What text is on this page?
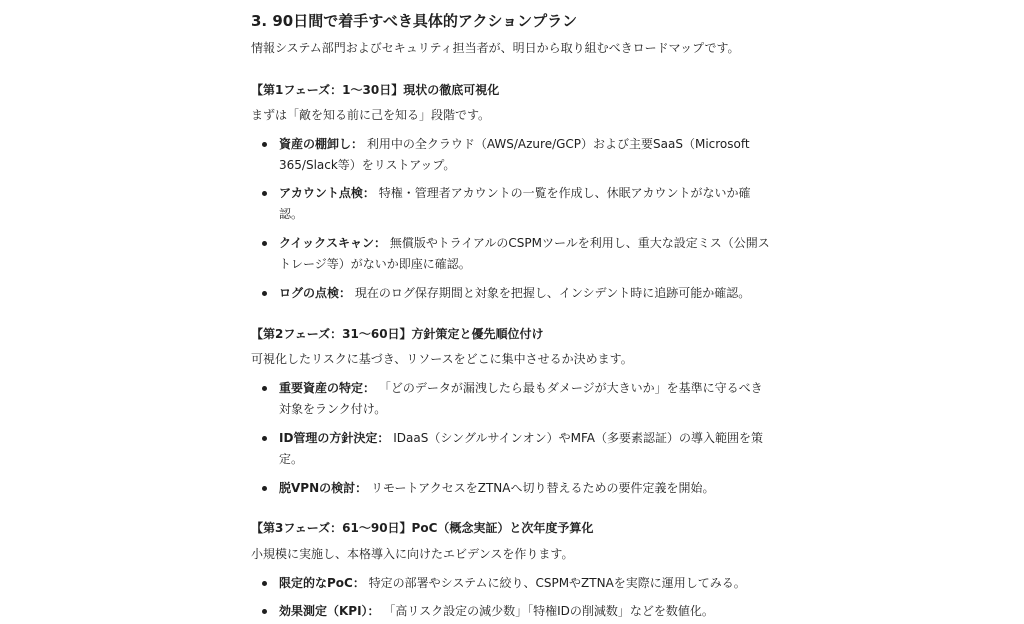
3. 90日間で着手すべき具体的アクションプラン

情報システム部門およびセキュリティ担当者が、明日から取り組むべきロードマップです。

【第1フェーズ：1〜30日】現状の徹底可視化

まずは「敵を知る前に己を知る」段階です。

資産の棚卸し： 利用中の全クラウド（AWS/Azure/GCP）および主要SaaS（Microsoft
365/Slack等）をリストアップ。
アカウント点検： 特権・管理者アカウントの一覧を作成し、休眠アカウントがないか確
認。
クイックスキャン： 無償版やトライアルのCSPMツールを利用し、重大な設定ミス（公開ス
トレージ等）がないか即座に確認。
ログの点検： 現在のログ保存期間と対象を把握し、インシデント時に追跡可能か確認。

【第2フェーズ：31〜60日】方針策定と優先順位付け

可視化したリスクに基づき、リソースをどこに集中させるか決めます。

重要資産の特定： 「どのデータが漏洩したら最もダメージが大きいか」を基準に守るべき
対象をランク付け。
ID管理の方針決定： IDaaS（シングルサインオン）やMFA（多要素認証）の導入範囲を策
定。
脱VPNの検討： リモートアクセスをZTNAへ切り替えるための要件定義を開始。

【第3フェーズ：61〜90日】PoC（概念実証）と次年度予算化

小規模に実施し、本格導入に向けたエビデンスを作ります。

限定的なPoC： 特定の部署やシステムに絞り、CSPMやZTNAを実際に運用してみる。
効果測定（KPI）： 「高リスク設定の減少数」「特権IDの削減数」などを数値化。
